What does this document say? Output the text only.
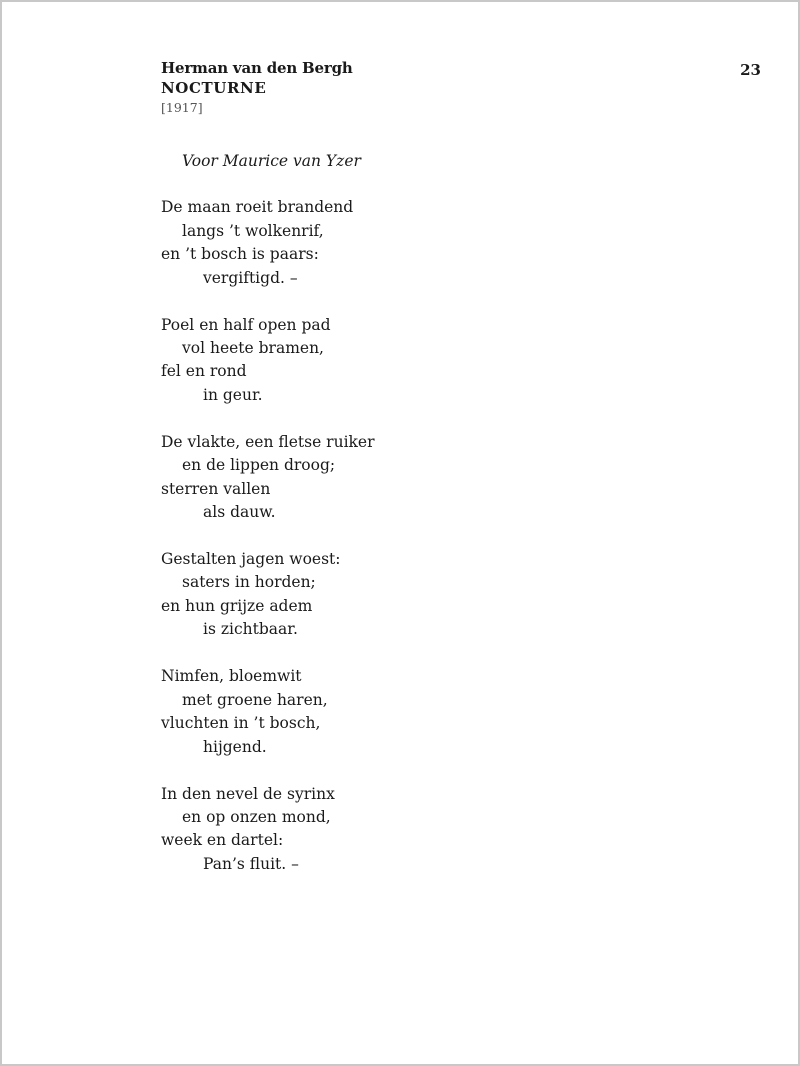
Herman van den Bergh
NOCTURNE
[1917]
23
Voor Maurice van Yzer
De maan roeit brandend
langs ’t wolkenrif,
en ’t bosch is paars:
vergiftigd. –
Poel en half open pad
vol heete bramen,
fel en rond
in geur.
De vlakte, een fletse ruiker
en de lippen droog;
sterren vallen
als dauw.
Gestalten jagen woest:
saters in horden;
en hun grijze adem
is zichtbaar.
Nimfen, bloemwit
met groene haren,
vluchten in ’t bosch,
hijgend.
In den nevel de syrinx
en op onzen mond,
week en dartel:
Pan’s fluit. –
